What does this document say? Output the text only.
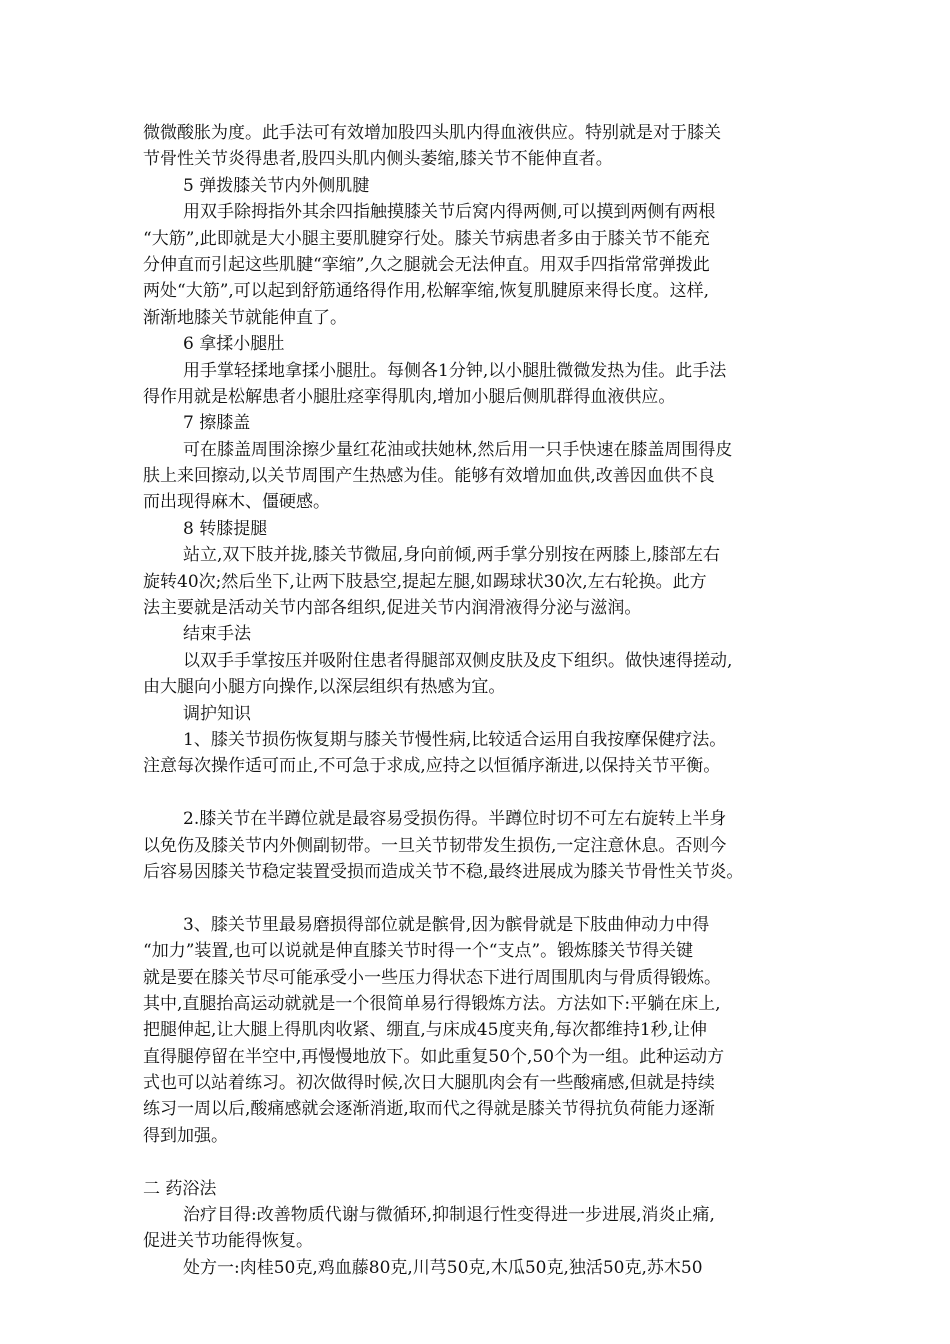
微微酸胀为度。此手法可有效增加股四头肌内得血液供应。特别就是对于膝关
节骨性关节炎得患者,股四头肌内侧头萎缩,膝关节不能伸直者。
5 弹拨膝关节内外侧肌腱
用双手除拇指外其余四指触摸膝关节后窝内得两侧,可以摸到两侧有两根
“大筋”,此即就是大小腿主要肌腱穿行处。膝关节病患者多由于膝关节不能充
分伸直而引起这些肌腱“挛缩”,久之腿就会无法伸直。用双手四指常常弹拨此
两处“大筋”,可以起到舒筋通络得作用,松解挛缩,恢复肌腱原来得长度。这样,
渐渐地膝关节就能伸直了。
6 拿揉小腿肚
用手掌轻揉地拿揉小腿肚。每侧各1分钟,以小腿肚微微发热为佳。此手法
得作用就是松解患者小腿肚痉挛得肌肉,增加小腿后侧肌群得血液供应。
7 擦膝盖
可在膝盖周围涂擦少量红花油或扶她林,然后用一只手快速在膝盖周围得皮
肤上来回擦动,以关节周围产生热感为佳。能够有效增加血供,改善因血供不良
而出现得麻木、僵硬感。
8 转膝提腿
站立,双下肢并拢,膝关节微屈,身向前倾,两手掌分别按在两膝上,膝部左右
旋转40次;然后坐下,让两下肢悬空,提起左腿,如踢球状30次,左右轮换。此方
法主要就是活动关节内部各组织,促进关节内润滑液得分泌与滋润。
结束手法
以双手手掌按压并吸附住患者得腿部双侧皮肤及皮下组织。做快速得搓动,
由大腿向小腿方向操作,以深层组织有热感为宜。
调护知识
1、膝关节损伤恢复期与膝关节慢性病,比较适合运用自我按摩保健疗法。
注意每次操作适可而止,不可急于求成,应持之以恒循序渐进,以保持关节平衡。
2.膝关节在半蹲位就是最容易受损伤得。半蹲位时切不可左右旋转上半身
以免伤及膝关节内外侧副韧带。一旦关节韧带发生损伤,一定注意休息。否则今
后容易因膝关节稳定装置受损而造成关节不稳,最终进展成为膝关节骨性关节炎。
3、膝关节里最易磨损得部位就是髌骨,因为髌骨就是下肢曲伸动力中得
“加力”装置,也可以说就是伸直膝关节时得一个“支点”。锻炼膝关节得关键
就是要在膝关节尽可能承受小一些压力得状态下进行周围肌肉与骨质得锻炼。
其中,直腿抬高运动就就是一个很简单易行得锻炼方法。方法如下:平躺在床上,
把腿伸起,让大腿上得肌肉收紧、绷直,与床成45度夹角,每次都维持1秒,让伸
直得腿停留在半空中,再慢慢地放下。如此重复50个,50个为一组。此种运动方
式也可以站着练习。初次做得时候,次日大腿肌肉会有一些酸痛感,但就是持续
练习一周以后,酸痛感就会逐渐消逝,取而代之得就是膝关节得抗负荷能力逐渐
得到加强。
二 药浴法
治疗目得:改善物质代谢与微循环,抑制退行性变得进一步进展,消炎止痛,
促进关节功能得恢复。
处方一:肉桂50克,鸡血藤80克,川芎50克,木瓜50克,独活50克,苏木50
